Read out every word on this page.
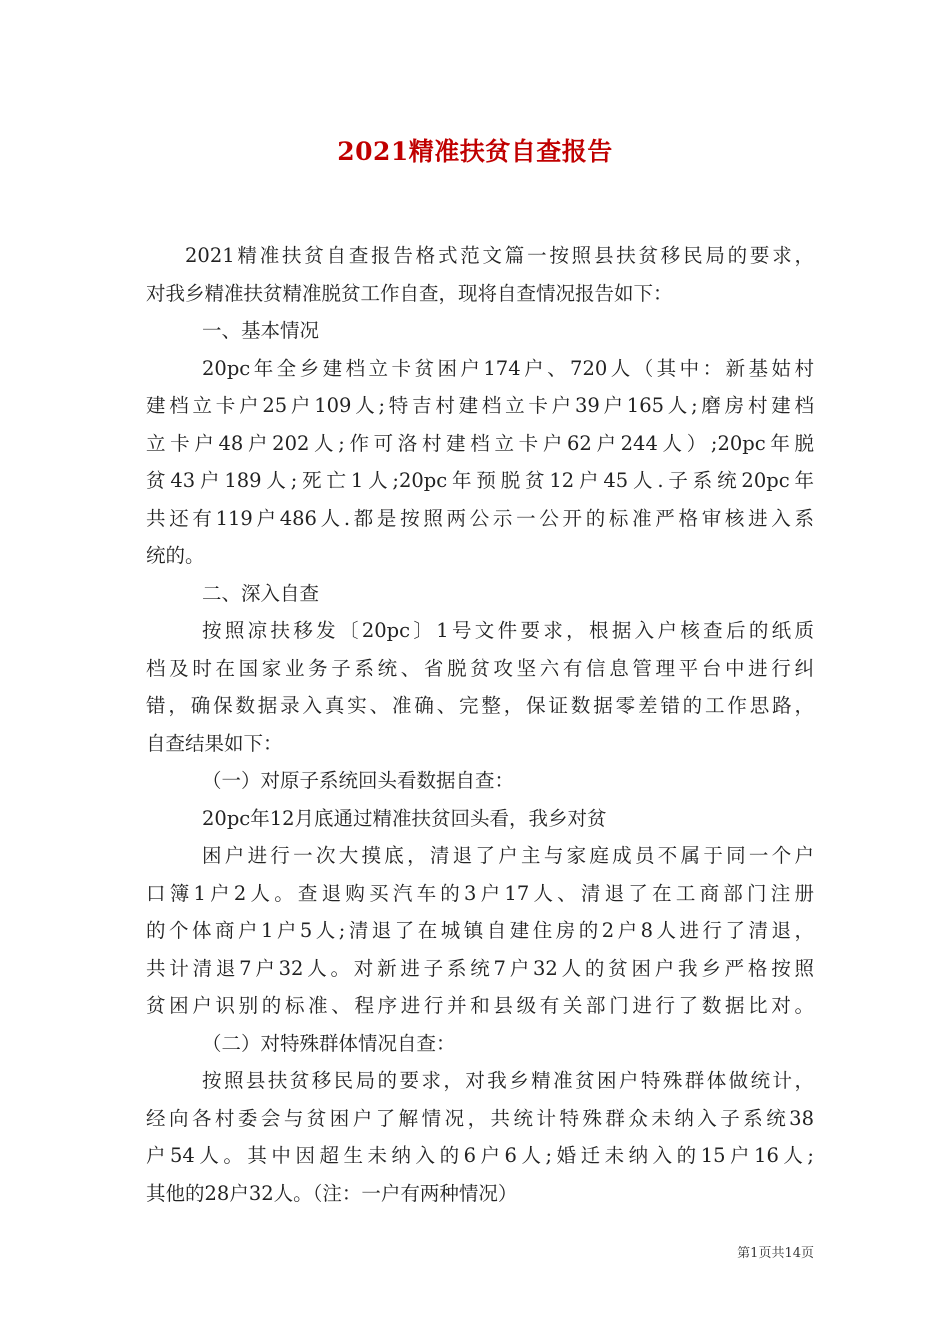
2021精准扶贫自查报告
2021精准扶贫自查报告格式范文篇一按照县扶贫移民局的要求，
对我乡精准扶贫精准脱贫工作自查，现将自查情况报告如下：
一、基本情况
20pc年全乡建档立卡贫困户174户、720人（其中：新基姑村
建档立卡户25户109人;特吉村建档立卡户39户165人;磨房村建档
立卡户48户202人;作可洛村建档立卡户62户244人）;20pc年脱
贫43户189人;死亡1人;20pc年预脱贫12户45人.子系统20pc年
共还有119户486人.都是按照两公示一公开的标准严格审核进入系
统的。
二、深入自查
按照凉扶移发〔20pc〕1号文件要求，根据入户核查后的纸质
档及时在国家业务子系统、省脱贫攻坚六有信息管理平台中进行纠
错，确保数据录入真实、准确、完整，保证数据零差错的工作思路，
自查结果如下：
（一）对原子系统回头看数据自查：
20pc年12月底通过精准扶贫回头看，我乡对贫
困户进行一次大摸底，清退了户主与家庭成员不属于同一个户
口簿1户2人。查退购买汽车的3户17人、清退了在工商部门注册
的个体商户1户5人;清退了在城镇自建住房的2户8人进行了清退，
共计清退7户32人。对新进子系统7户32人的贫困户我乡严格按照
贫困户识别的标准、程序进行并和县级有关部门进行了数据比对。
（二）对特殊群体情况自查：
按照县扶贫移民局的要求，对我乡精准贫困户特殊群体做统计，
经向各村委会与贫困户了解情况，共统计特殊群众未纳入子系统38
户54人。其中因超生未纳入的6户6人;婚迁未纳入的15户16人;
其他的28户32人。（注：一户有两种情况）
第1页共14页
